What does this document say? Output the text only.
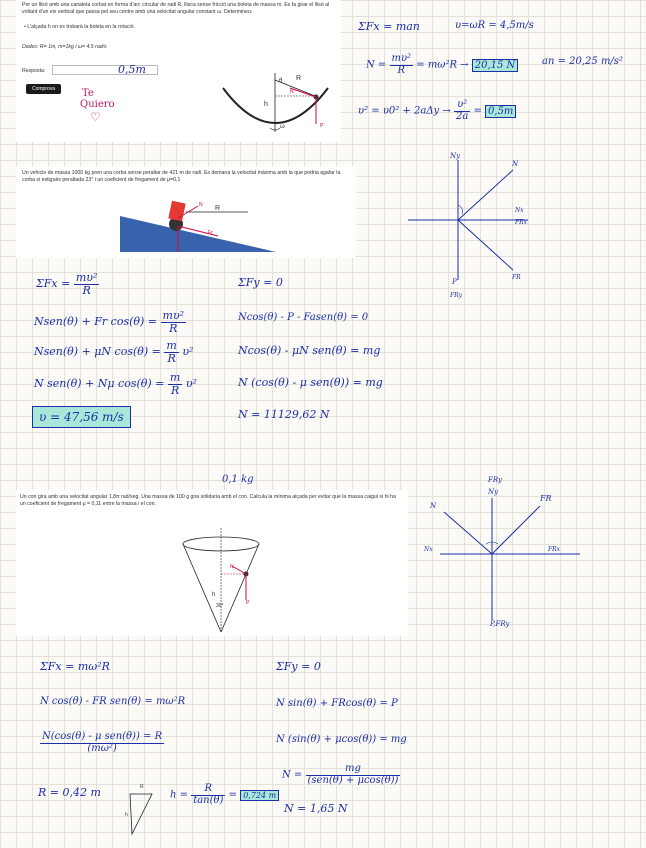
Per un llisó amb una canaleta corbat en forma d'arc circular de radi R, llisca sense fricció una boleta de massa m. Es fa girar el llisó al voltant d'un eix vertical que passa pel seu centre amb una velocitat angular constant ω. Determineu:
• L'alçada h on es trobarà la boleta en la rotació.
Dades: R= 1m, m=1kg i ω= 4.5 rad/s
Resposta:	0,5m
Comprova	Te
Quiero
♡
R
h
θ
ω
N
P
ΣFx = man	υ=ωR = 4,5m/s
$N = \frac{\text{mυ²}}{R} = m\omega^2R \to 20,15$ N	an = 20,25 m/s²
$\upsilon^2 = \upsilon 0^2 + 2a\Delta y \to \frac{\text{υ²}}{2a} = 0,5m$
Un vehicle de massa 1000 kg pren una corba sense peraltar de 421 m de radi. Es demana la velocitat màxima amb la que podria agafar la corba si estigués peraltada 23° i un coeficient de fregament de μ=0,1
R
N
Fr
Ny
N
Nx
FRx
P
FRy
FR
$\Sigma Fx = \frac{\text{mυ²}}{R}$
Nsen(θ) + Fr $\cos(\theta) = \frac{\text{mυ²}}{R}$
Nsen(θ) + μN $\cos(\theta) = \frac{m}{R} \upsilon^2$
N sen(θ) + Nμ $\cos(\theta) = \frac{m}{R} \upsilon^2$
υ = 47,56 m/s
ΣFy = 0
Ncos(θ) - P - Fasen(θ) = 0
Ncos(θ) - μN sen(θ) = mg
N (cos(θ) - μ sen(θ)) = mg
N = 11129,62 N
0,1 kg
Un con gira amb una velocitat angular 1,8π rad/seg. Una massa de 100 g gira solidaria amb el con. Calcula la mínima alçada per evitar que la massa caigui si hi ha un coeficient de fregament μ = 0,11 entre la massa i el con.
h
30°	P
N
N
FRy
Ny
FR
Nx	FRx
P,FRy
ΣFx = mω²R
N cos(θ) - FR sen(θ) = mω²R
$\frac{\text{N(cos(θ) - μ sen(θ)) = R}}{\text{(mω²)}}$
R = 0,42 m	R
h
$h = \frac{R}{\tan(\theta)} = 0,724$ m
ΣFy = 0
N sin(θ) + FRcos(θ) = P
N (sin(θ) + μcos(θ)) = mg
$N = \frac{mg}{\text{(sen(θ) + μcos(θ))}}$
N = 1,65 N
